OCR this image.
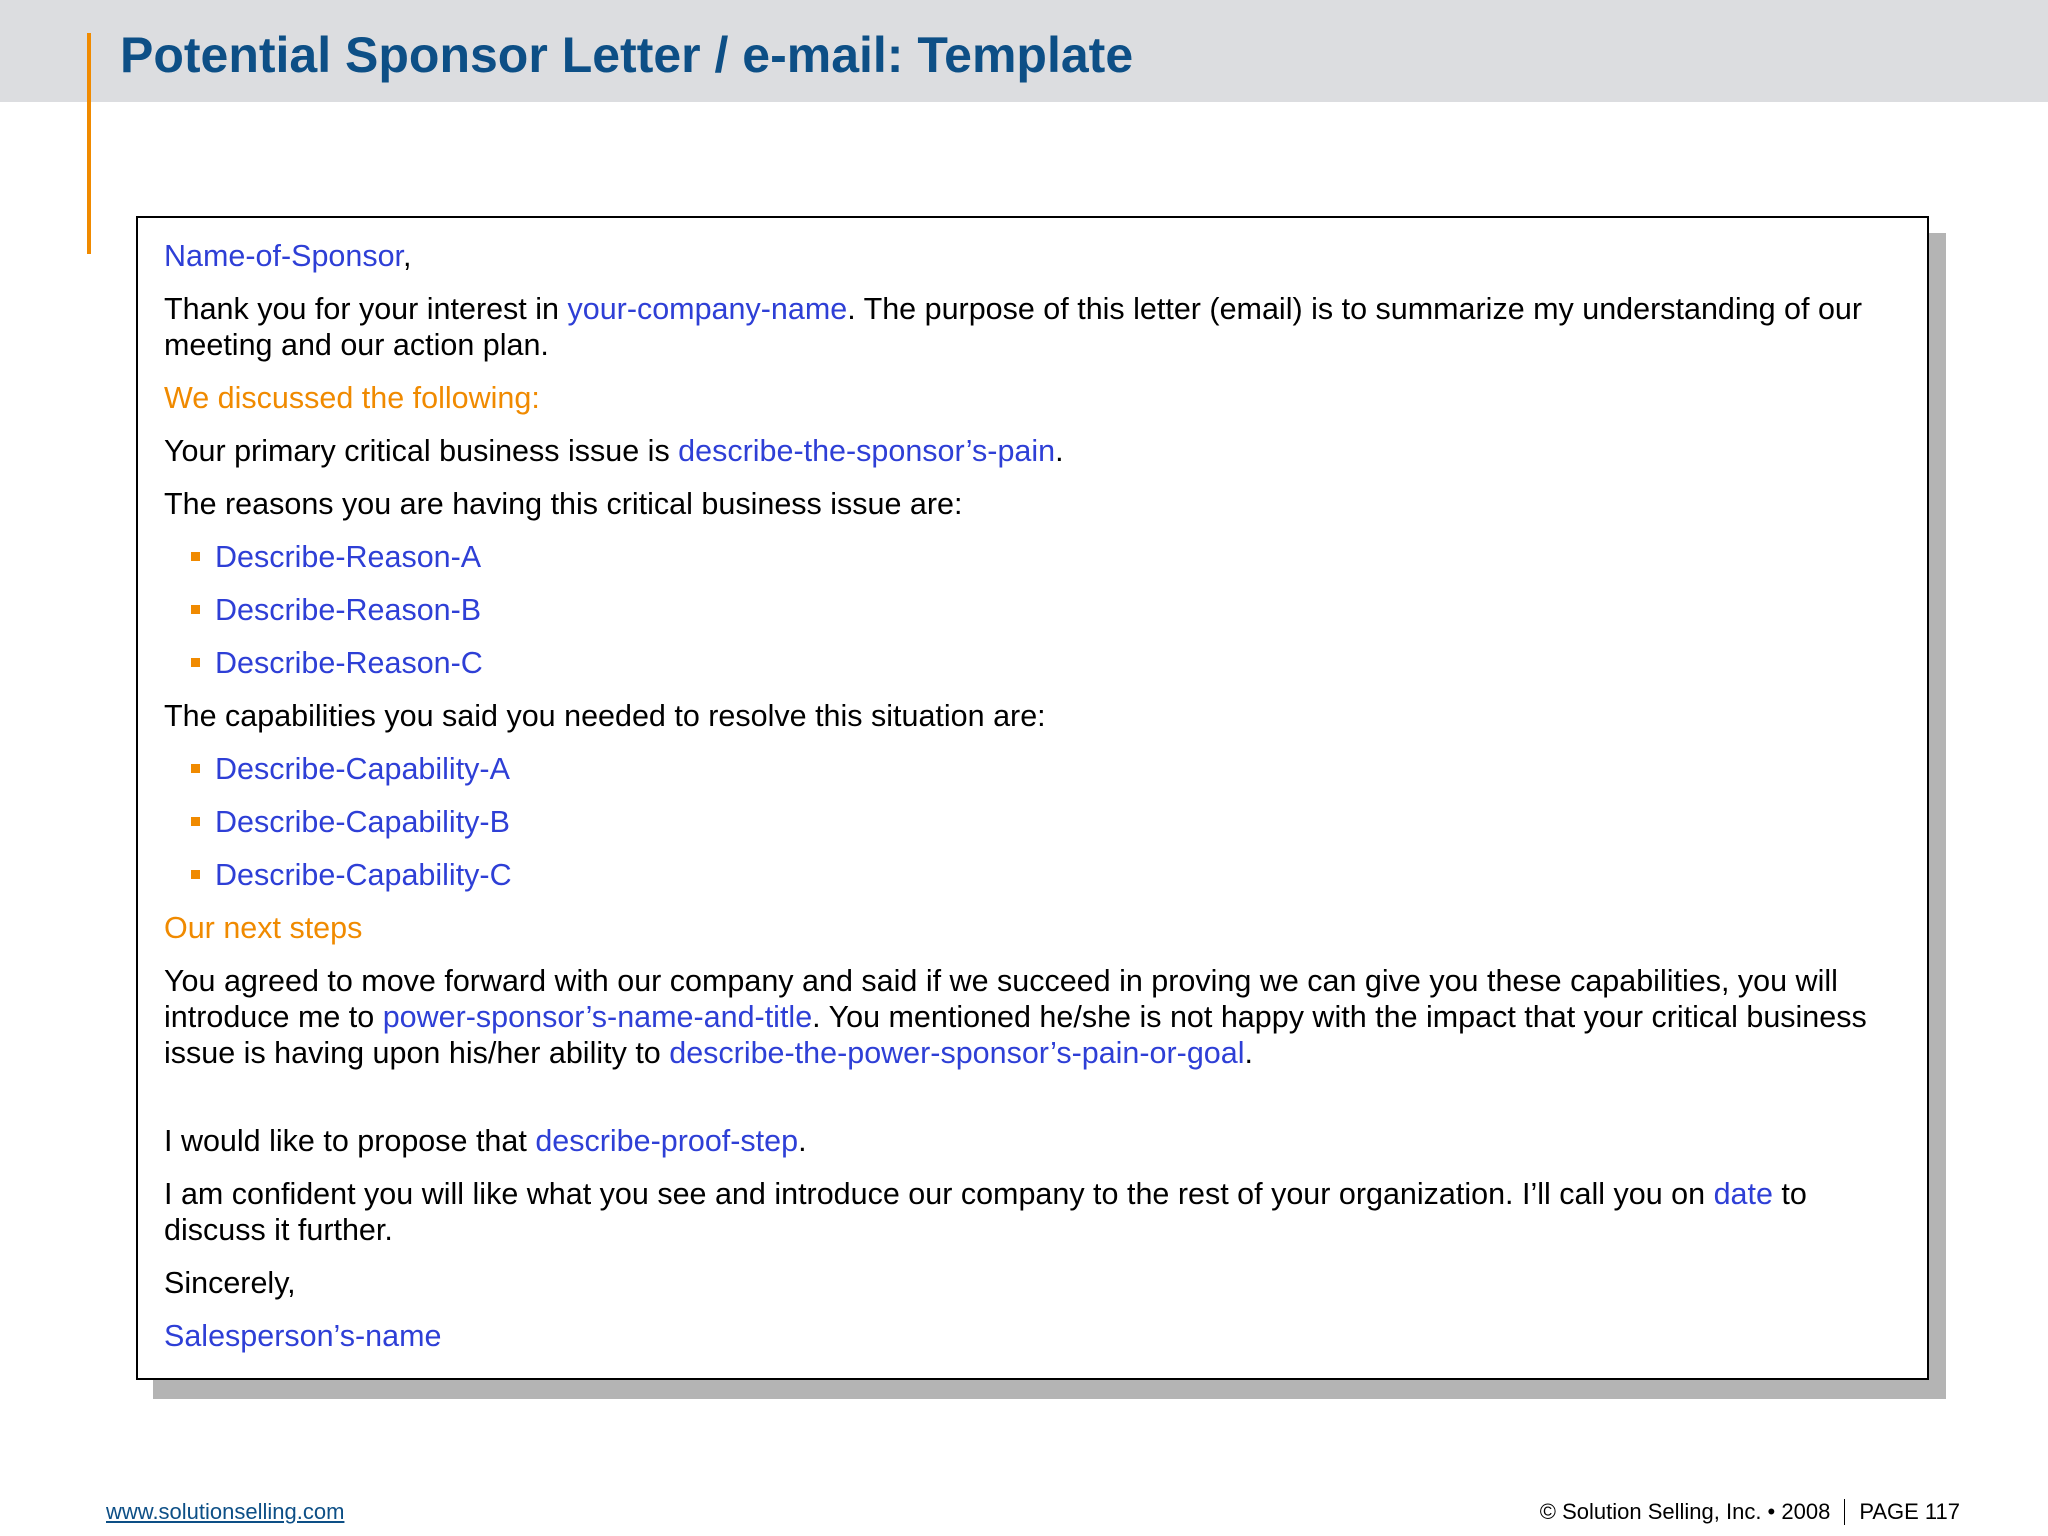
Potential Sponsor Letter / e-mail: Template

Name-of-Sponsor,

Thank you for your interest in your-company-name. The purpose of this letter (email) is to summarize my understanding of our meeting and our action plan.

We discussed the following:

Your primary critical business issue is describe-the-sponsor’s-pain.

The reasons you are having this critical business issue are:

Describe-Reason-A
Describe-Reason-B
Describe-Reason-C

The capabilities you said you needed to resolve this situation are:

Describe-Capability-A
Describe-Capability-B
Describe-Capability-C

Our next steps

You agreed to move forward with our company and said if we succeed in proving we can give you these capabilities, you will introduce me to power-sponsor’s-name-and-title. You mentioned he/she is not happy with the impact that your critical business issue is having upon his/her ability to describe-the-power-sponsor’s-pain-or-goal.

I would like to propose that describe-proof-step.

I am confident you will like what you see and introduce our company to the rest of your organization. I’ll call you on date to discuss it further.

Sincerely,

Salesperson’s-name

www.solutionselling.com	© Solution Selling, Inc. • 2008 PAGE 117
